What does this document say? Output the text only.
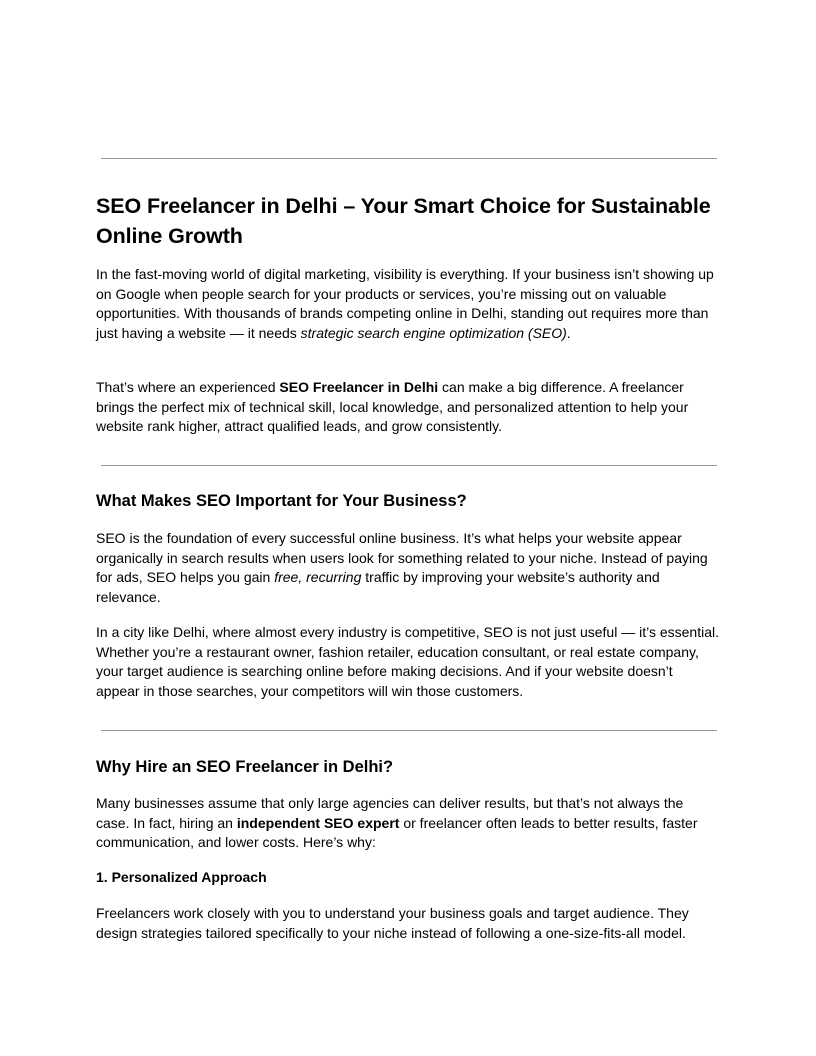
SEO Freelancer in Delhi – Your Smart Choice for Sustainable Online Growth

In the fast-moving world of digital marketing, visibility is everything. If your business isn’t showing up on Google when people search for your products or services, you’re missing out on valuable opportunities. With thousands of brands competing online in Delhi, standing out requires more than just having a website — it needs strategic search engine optimization (SEO).

That’s where an experienced SEO Freelancer in Delhi can make a big difference. A freelancer brings the perfect mix of technical skill, local knowledge, and personalized attention to help your website rank higher, attract qualified leads, and grow consistently.

What Makes SEO Important for Your Business?

SEO is the foundation of every successful online business. It’s what helps your website appear organically in search results when users look for something related to your niche. Instead of paying for ads, SEO helps you gain free, recurring traffic by improving your website’s authority and relevance.

In a city like Delhi, where almost every industry is competitive, SEO is not just useful — it’s essential. Whether you’re a restaurant owner, fashion retailer, education consultant, or real estate company, your target audience is searching online before making decisions. And if your website doesn’t appear in those searches, your competitors will win those customers.

Why Hire an SEO Freelancer in Delhi?

Many businesses assume that only large agencies can deliver results, but that’s not always the case. In fact, hiring an independent SEO expert or freelancer often leads to better results, faster communication, and lower costs. Here’s why:

1. Personalized Approach

Freelancers work closely with you to understand your business goals and target audience. They design strategies tailored specifically to your niche instead of following a one-size-fits-all model.
